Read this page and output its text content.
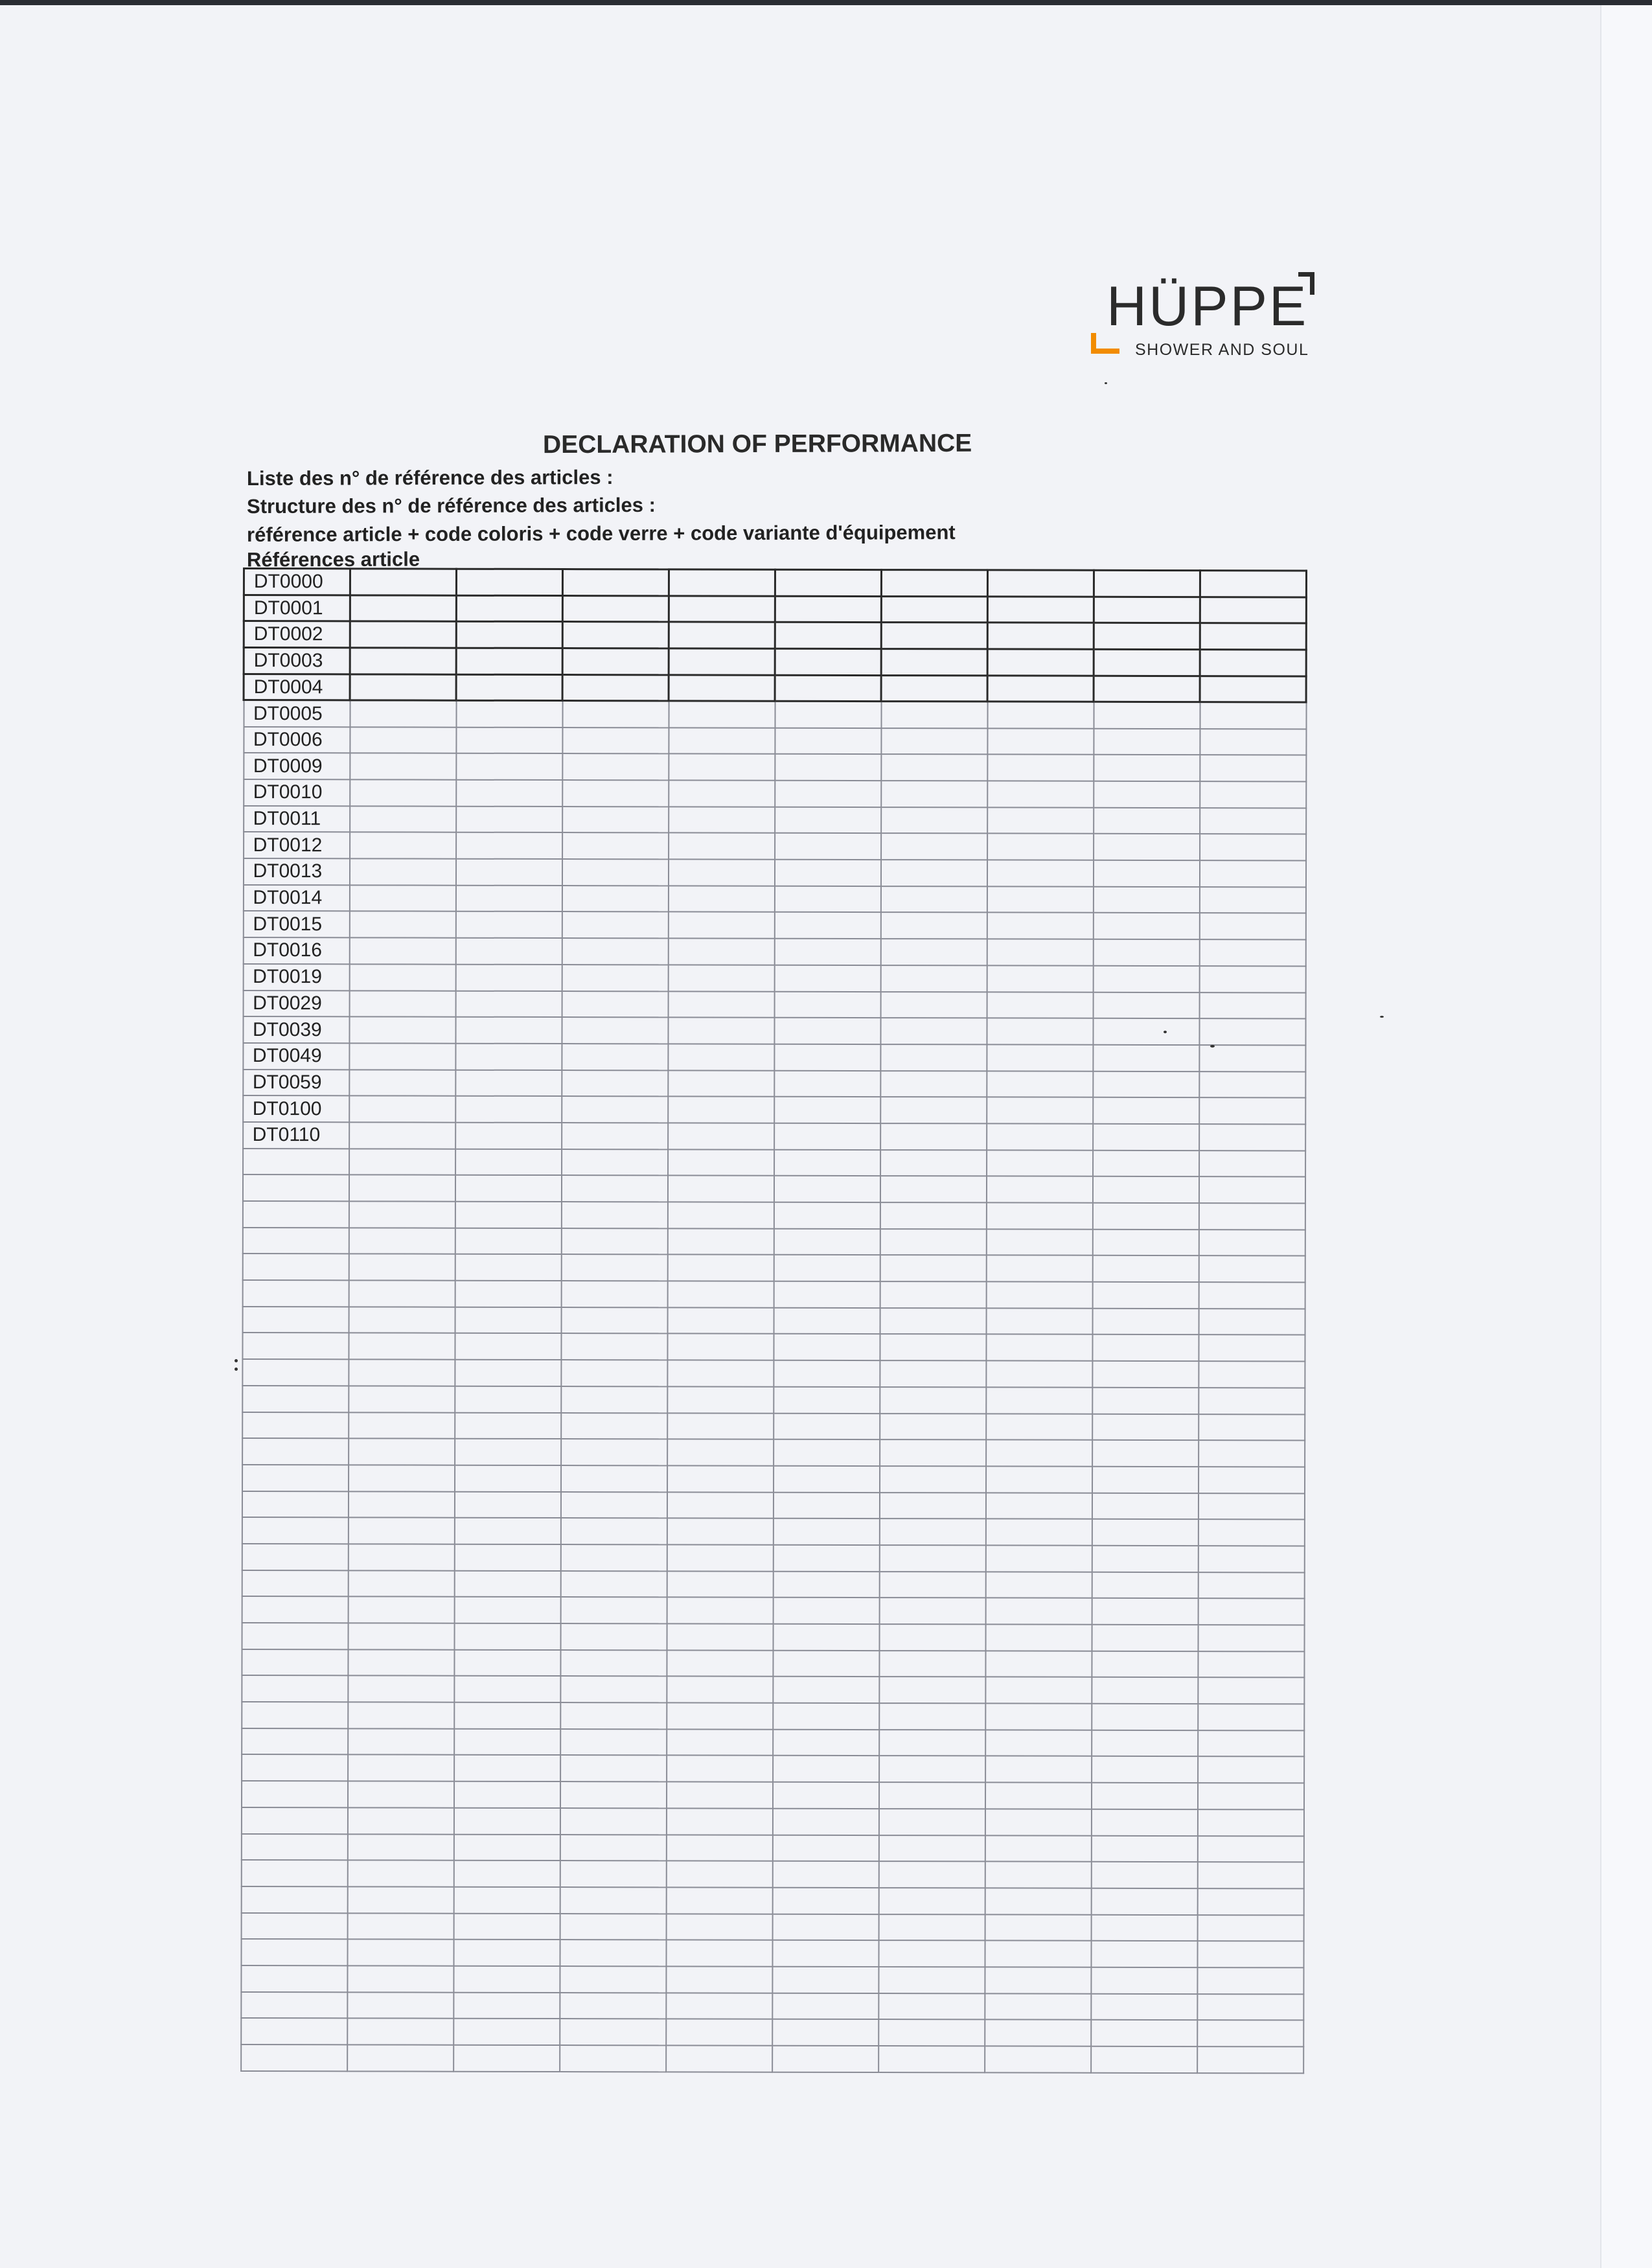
HÜPPE
SHOWER AND SOUL
DECLARATION OF PERFORMANCE
Liste des n° de référence des articles :
Structure des n° de référence des articles :
référence article + code coloris + code verre + code variante d'équipement
Références article
DT0000									
DT0001									
DT0002									
DT0003									
DT0004									
DT0005									
DT0006									
DT0009									
DT0010									
DT0011									
DT0012									
DT0013									
DT0014									
DT0015									
DT0016									
DT0019									
DT0029									
DT0039									
DT0049									
DT0059									
DT0100									
DT0110									
